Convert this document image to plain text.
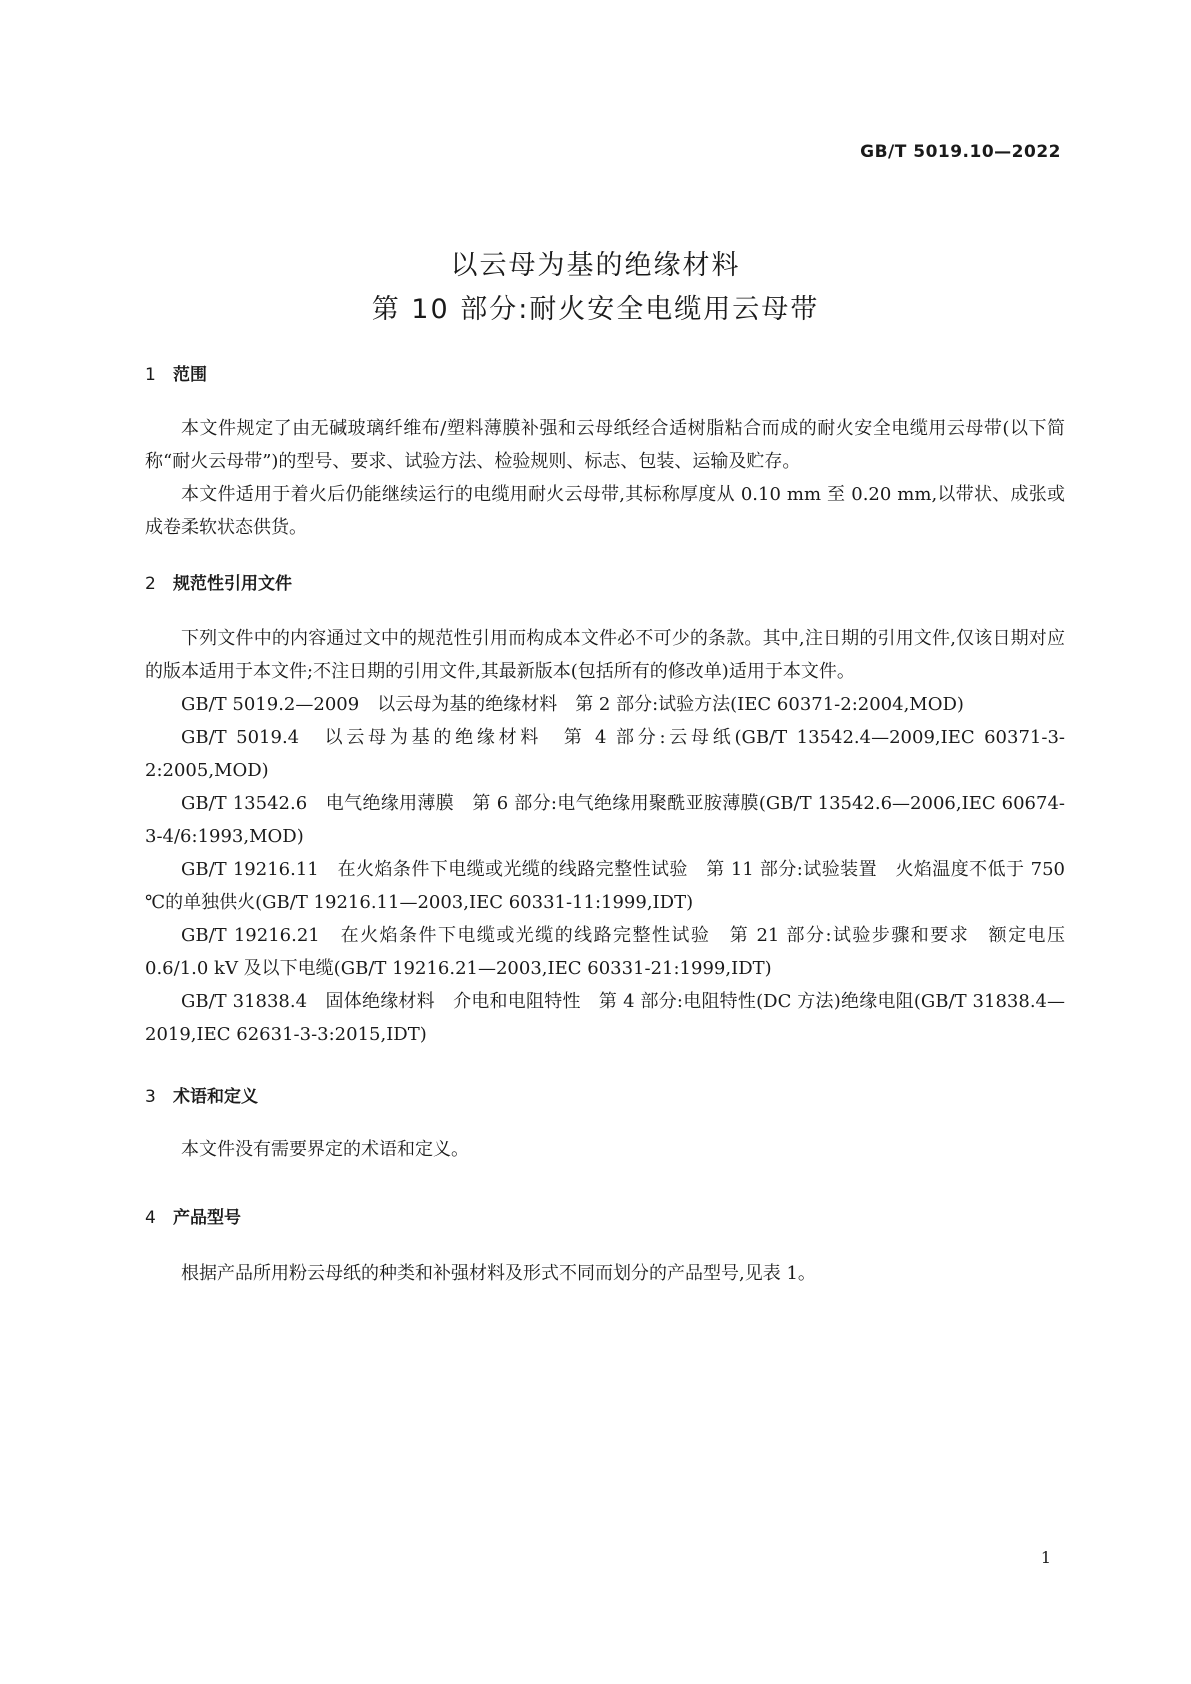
GB/T 5019.10—2022
以云母为基的绝缘材料
第 10 部分:耐火安全电缆用云母带
1 范围

本文件规定了由无碱玻璃纤维布/塑料薄膜补强和云母纸经合适树脂粘合而成的耐火安全电缆用云母带(以下简称“耐火云母带”)的型号、要求、试验方法、检验规则、标志、包装、运输及贮存。

本文件适用于着火后仍能继续运行的电缆用耐火云母带,其标称厚度从 0.10 mm 至 0.20 mm,以带状、成张或成卷柔软状态供货。

2 规范性引用文件

下列文件中的内容通过文中的规范性引用而构成本文件必不可少的条款。其中,注日期的引用文件,仅该日期对应的版本适用于本文件;不注日期的引用文件,其最新版本(包括所有的修改单)适用于本文件。

GB/T 5019.2—2009　以云母为基的绝缘材料　第 2 部分:试验方法(IEC 60371-2:2004,MOD)

GB/T 5019.4　以云母为基的绝缘材料　第 4 部分:云母纸(GB/T 13542.4—2009,IEC 60371-3-2:2005,MOD)

GB/T 13542.6　电气绝缘用薄膜　第 6 部分:电气绝缘用聚酰亚胺薄膜(GB/T 13542.6—2006,IEC 60674-3-4/6:1993,MOD)

GB/T 19216.11　在火焰条件下电缆或光缆的线路完整性试验　第 11 部分:试验装置　火焰温度不低于 750 ℃的单独供火(GB/T 19216.11—2003,IEC 60331-11:1999,IDT)

GB/T 19216.21　在火焰条件下电缆或光缆的线路完整性试验　第 21 部分:试验步骤和要求　额定电压 0.6/1.0 kV 及以下电缆(GB/T 19216.21—2003,IEC 60331-21:1999,IDT)

GB/T 31838.4　固体绝缘材料　介电和电阻特性　第 4 部分:电阻特性(DC 方法)绝缘电阻(GB/T 31838.4—2019,IEC 62631-3-3:2015,IDT)

3 术语和定义

本文件没有需要界定的术语和定义。

4 产品型号

根据产品所用粉云母纸的种类和补强材料及形式不同而划分的产品型号,见表 1。

1
